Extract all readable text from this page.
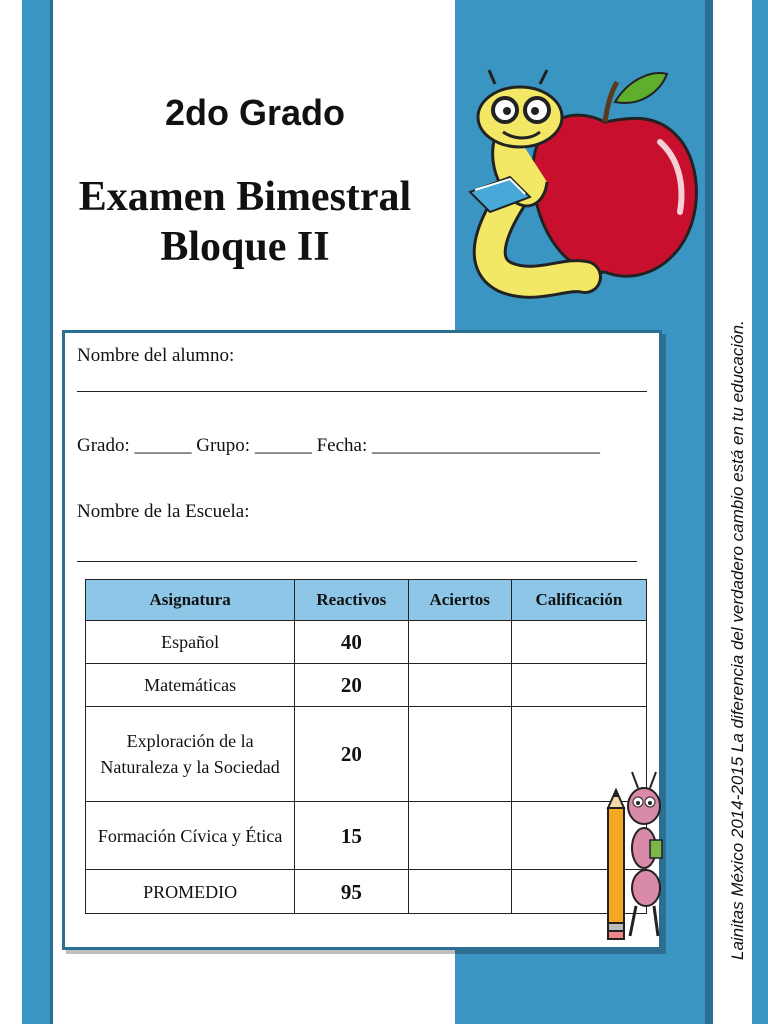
2do Grado
Examen Bimestral
Bloque II
Lainitas México 2014-2015 La diferencia del verdadero cambio está en tu educación.
Nombre del alumno:
Grado: ______ Grupo: ______ Fecha: ________________________
Nombre de la Escuela:
Asignatura	Reactivos	Aciertos	Calificación
Español	40		
Matemáticas	20		
Exploración de la Naturaleza y la Sociedad	20		
Formación Cívica y Ética	15		
PROMEDIO	95		
